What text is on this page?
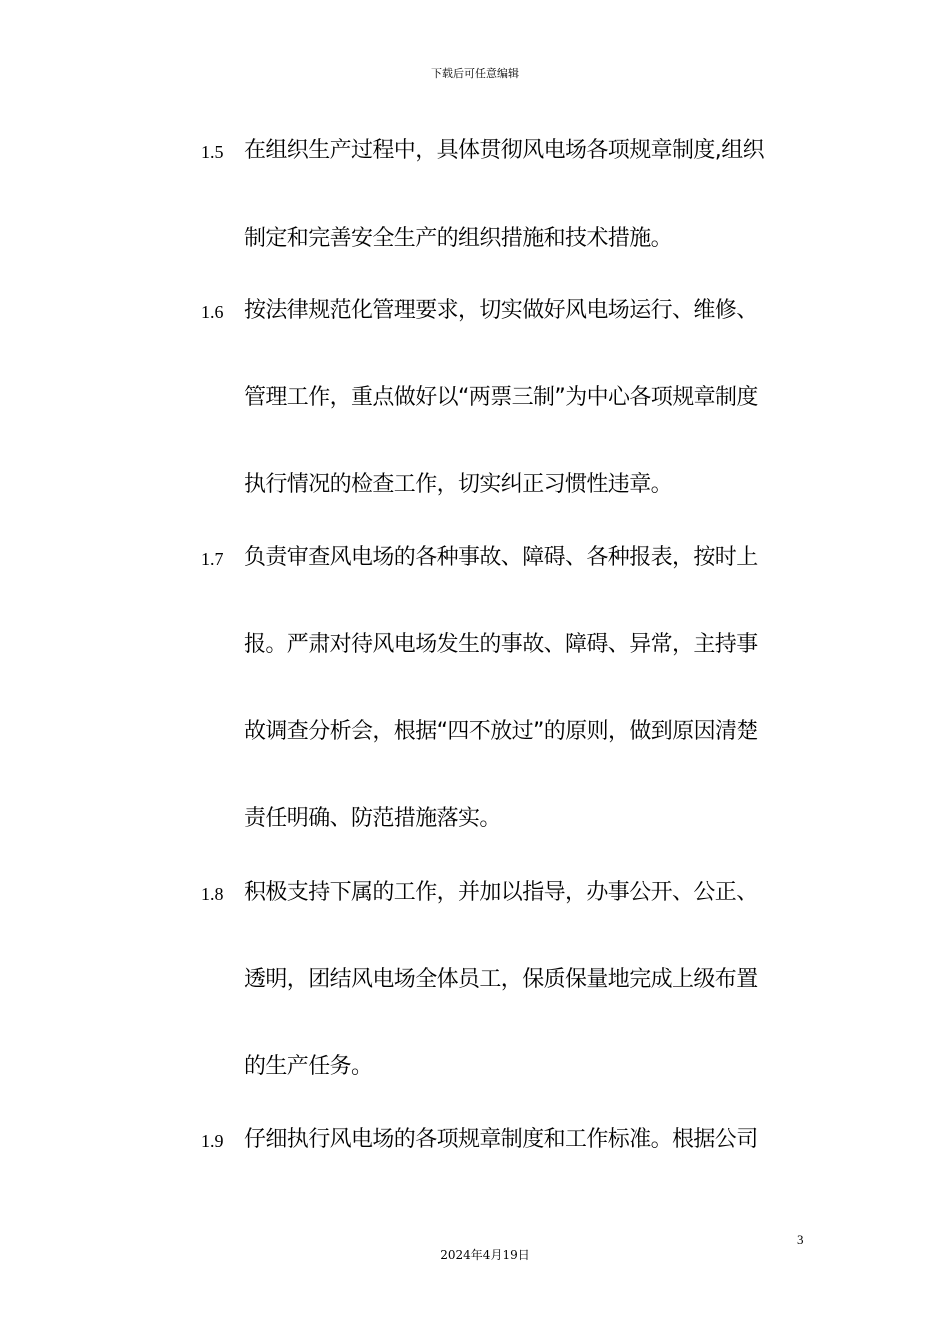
下载后可任意编辑
1.5 在组织生产过程中，具体贯彻风电场各项规章制度,组织
制定和完善安全生产的组织措施和技术措施。
1.6 按法律规范化管理要求，切实做好风电场运行、维修、
管理工作，重点做好以“两票三制”为中心各项规章制度
执行情况的检查工作，切实纠正习惯性违章。
1.7 负责审查风电场的各种事故、障碍、各种报表，按时上
报。严肃对待风电场发生的事故、障碍、异常，主持事
故调查分析会，根据“四不放过”的原则，做到原因清楚
责任明确、防范措施落实。
1.8 积极支持下属的工作，并加以指导，办事公开、公正、
透明，团结风电场全体员工，保质保量地完成上级布置
的生产任务。
1.9 仔细执行风电场的各项规章制度和工作标准。根据公司
3
2024年4月19日
